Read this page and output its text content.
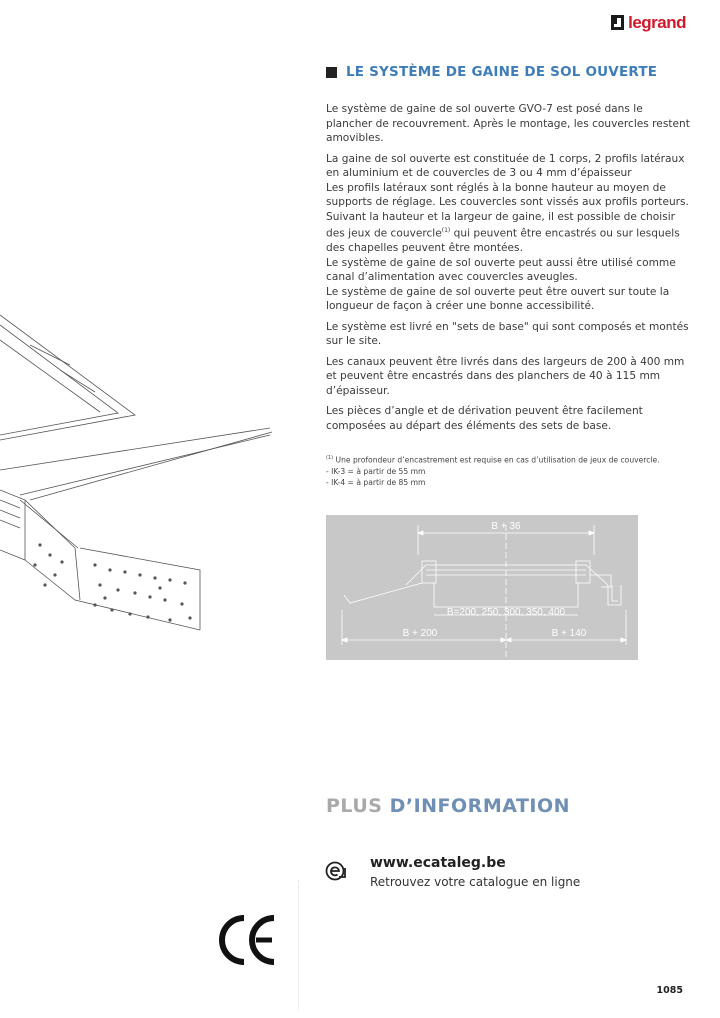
legrand
LE SYSTÈME DE GAINE DE SOL OUVERTE

Le système de gaine de sol ouverte GVO-7 est posé dans le plancher de recouvrement. Après le montage, les couvercles restent amovibles.

La gaine de sol ouverte est constituée de 1 corps, 2 profils latéraux en aluminium et de couvercles de 3 ou 4 mm d’épaisseur

Les profils latéraux sont réglés à la bonne hauteur au moyen de supports de réglage. Les couvercles sont vissés aux profils porteurs. Suivant la hauteur et la largeur de gaine, il est possible de choisir des jeux de couvercle$^{(1)}$ qui peuvent être encastrés ou sur lesquels des chapelles peuvent être montées.

Le système de gaine de sol ouverte peut aussi être utilisé comme canal d’alimentation avec couvercles aveugles.

Le système de gaine de sol ouverte peut être ouvert sur toute la longueur de façon à créer une bonne accessibilité.

Le système est livré en "sets de base" qui sont composés et montés sur le site.

Les canaux peuvent être livrés dans des largeurs de 200 à 400 mm et peuvent être encastrés dans des planchers de 40 à 115 mm d’épaisseur.

Les pièces d’angle et de dérivation peuvent être facilement composées au départ des éléments des sets de base.

$^{(1)}$ Une profondeur d’encastrement est requise en cas d’utilisation de jeux de couvercle.
- IK-3 = à partir de 55 mm
- IK-4 = à partir de 85 mm
B + 36
B=200, 250, 300, 350, 400
B + 200	B + 140
PLUS D’INFORMATION
www.ecataleg.be
Retrouvez votre catalogue en ligne
1085
